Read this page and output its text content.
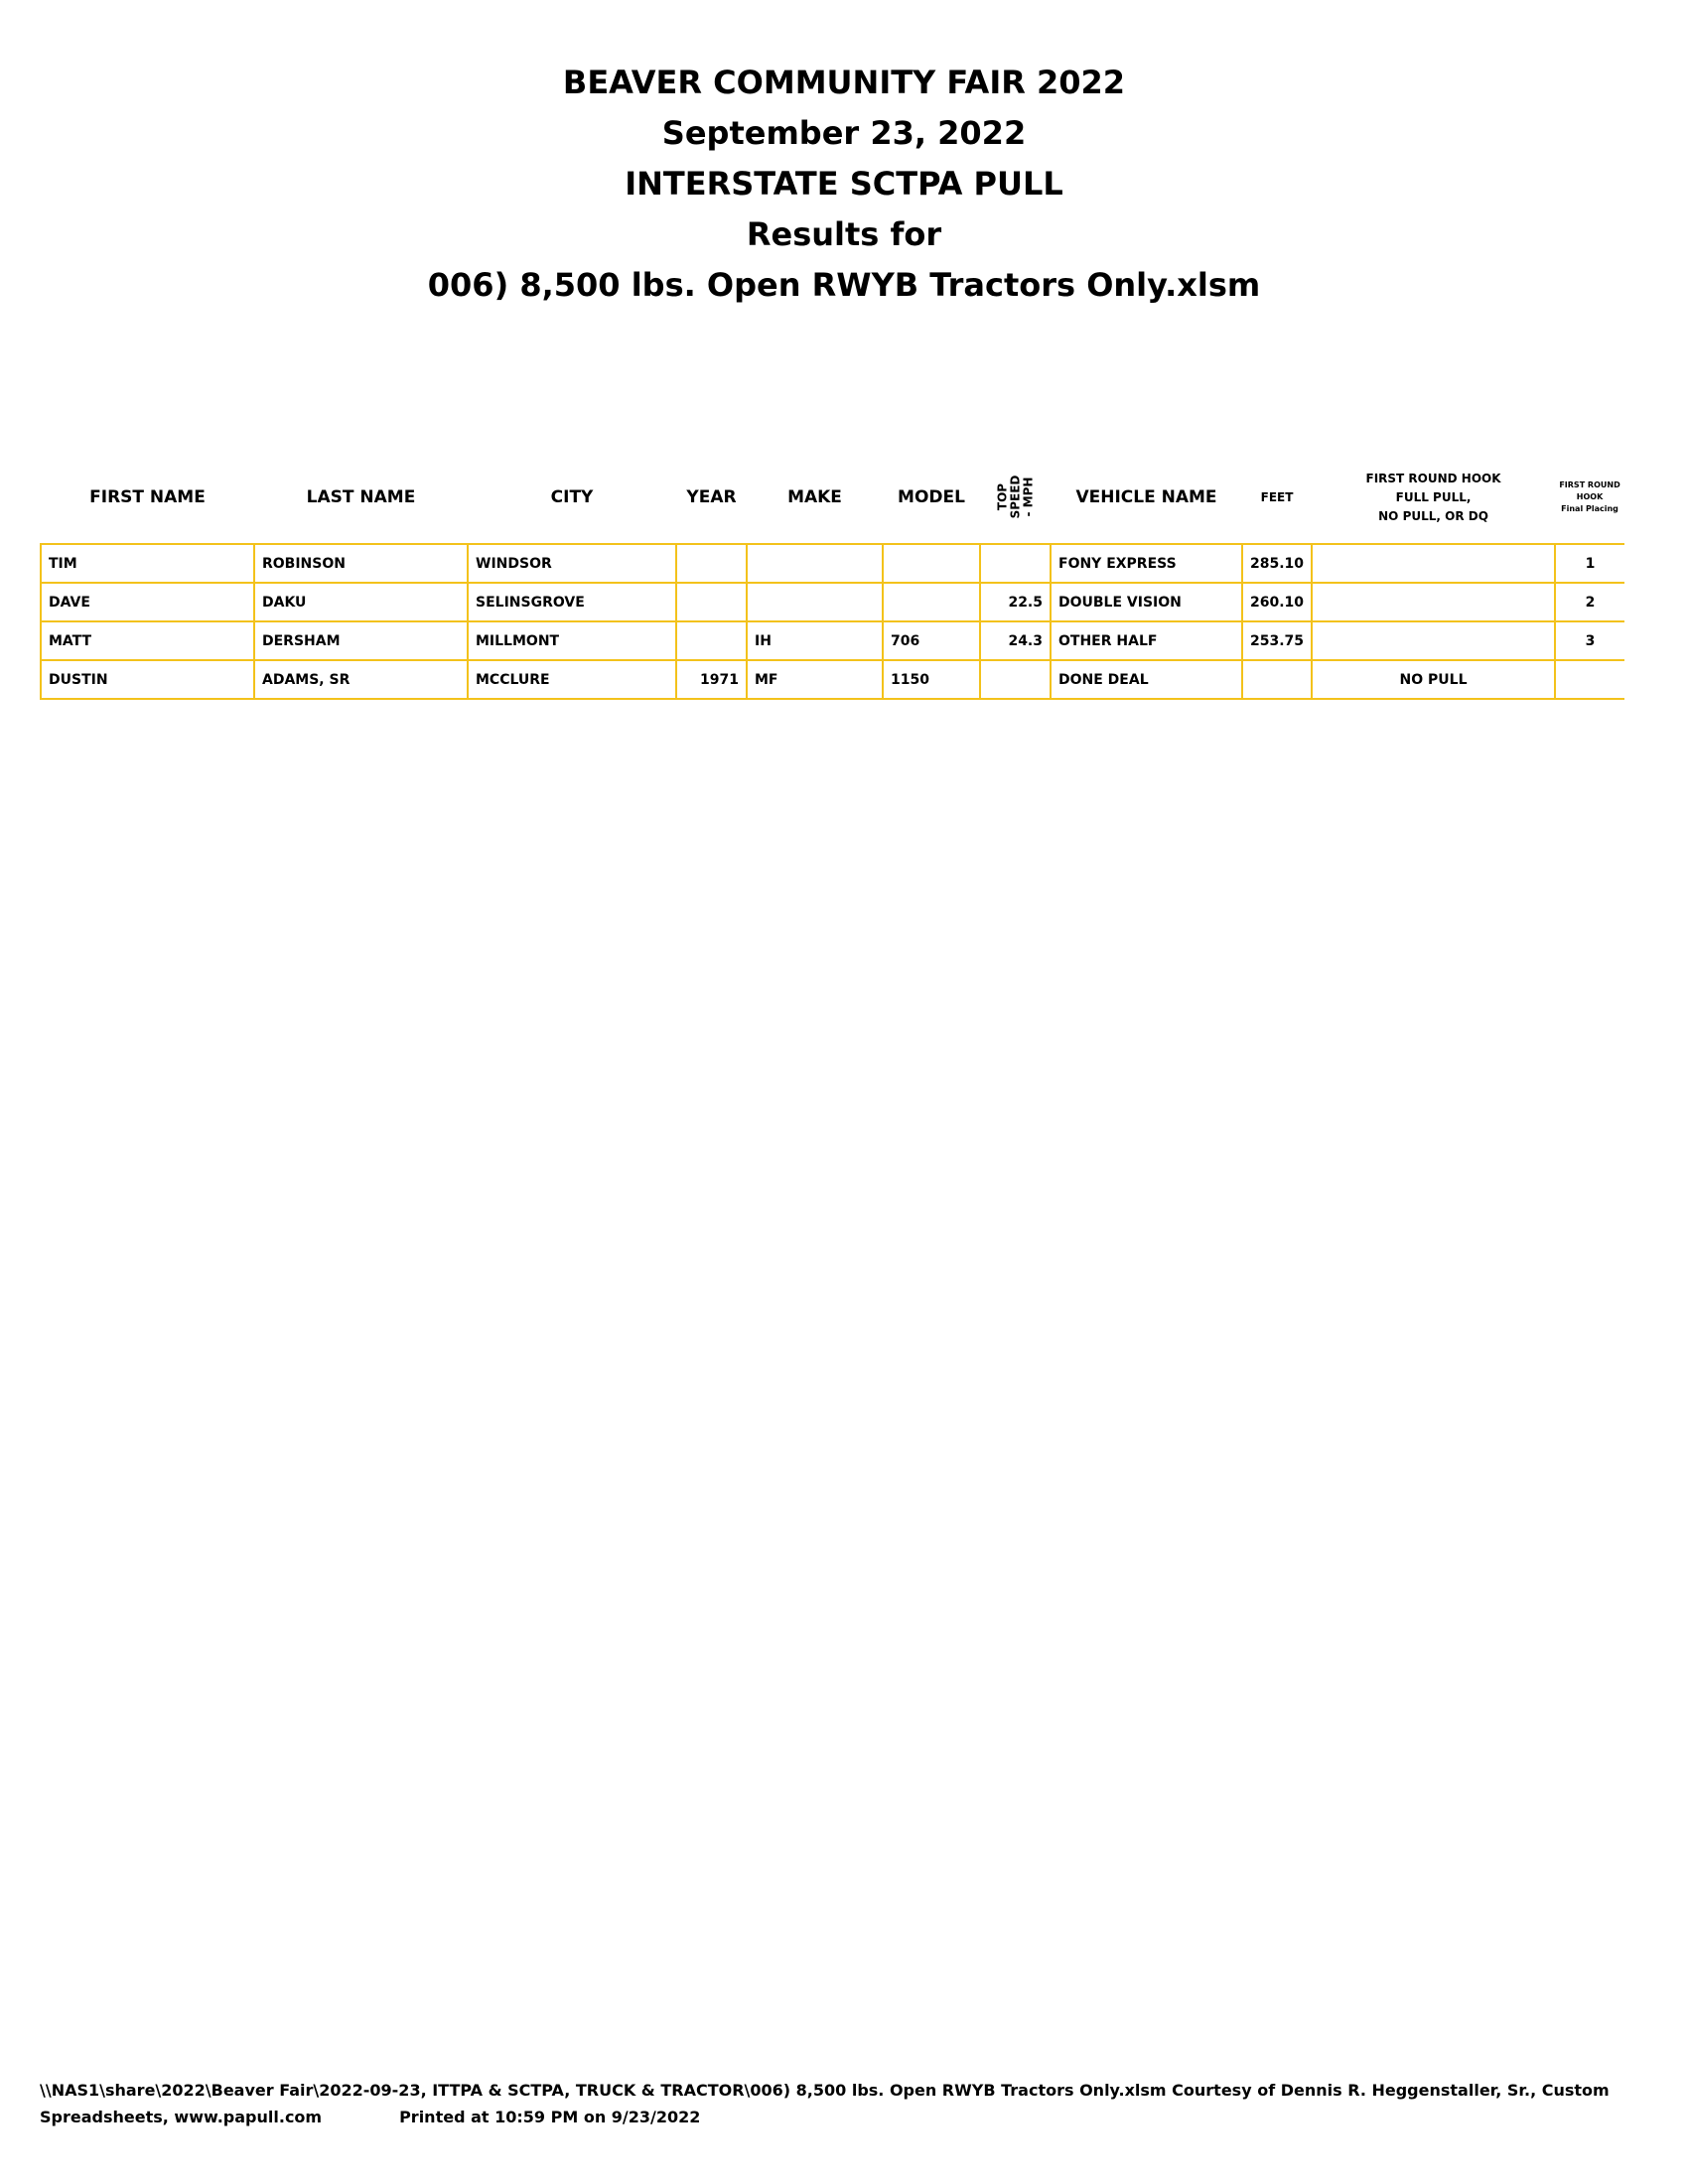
BEAVER COMMUNITY FAIR 2022
September 23, 2022
INTERSTATE SCTPA PULL
Results for
006) 8,500 lbs. Open RWYB Tractors Only.xlsm
FIRST NAME	LAST NAME	CITY	YEAR	MAKE	MODEL	TOP
SPEED
- MPH	VEHICLE NAME	FEET	FIRST ROUND HOOK
FULL PULL,
NO PULL, OR DQ	FIRST ROUND
HOOK
Final Placing
TIM	ROBINSON	WINDSOR					FONY EXPRESS	285.10		1
DAVE	DAKU	SELINSGROVE				22.5	DOUBLE VISION	260.10		2
MATT	DERSHAM	MILLMONT		IH	706	24.3	OTHER HALF	253.75		3
DUSTIN	ADAMS, SR	MCCLURE	1971	MF	1150		DONE DEAL		NO PULL	
\\NAS1\share\2022\Beaver Fair\2022-09-23, ITTPA & SCTPA, TRUCK & TRACTOR\006) 8,500 lbs. Open RWYB Tractors Only.xlsm Courtesy of Dennis R. Heggenstaller, Sr., Custom Spreadsheets, www.papull.com	Printed at 10:59 PM on 9/23/2022
